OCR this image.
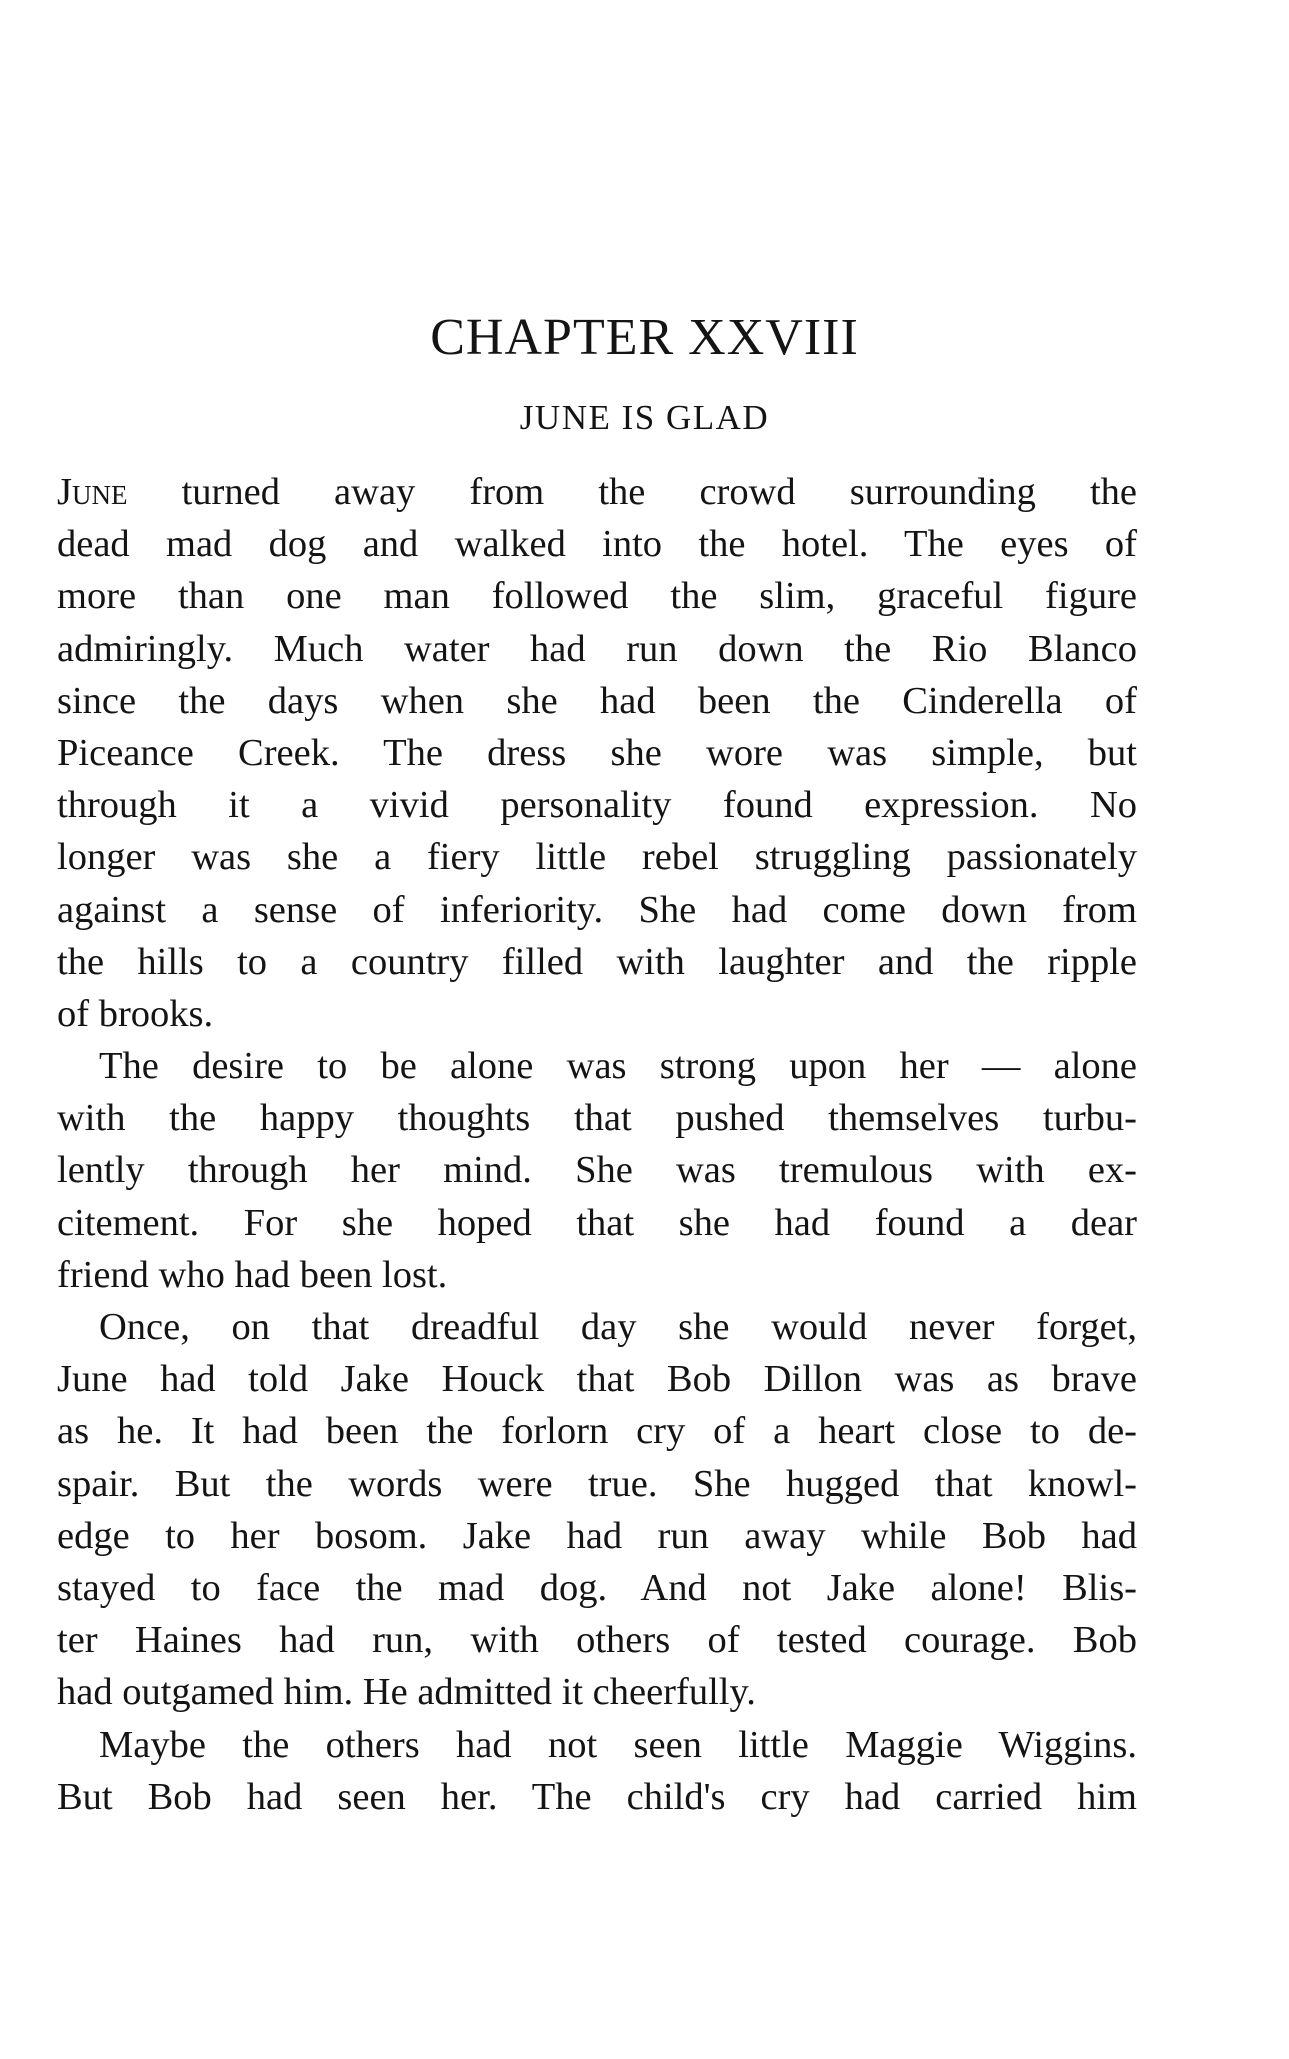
CHAPTER XXVIII
JUNE IS GLAD
June turned away from the crowd surrounding the
dead mad dog and walked into the hotel. The eyes of
more than one man followed the slim, graceful figure
admiringly. Much water had run down the Rio Blanco
since the days when she had been the Cinderella of
Piceance Creek. The dress she wore was simple, but
through it a vivid personality found expression. No
longer was she a fiery little rebel struggling passionately
against a sense of inferiority. She had come down from
the hills to a country filled with laughter and the ripple
of brooks.
The desire to be alone was strong upon her — alone
with the happy thoughts that pushed themselves turbu-
lently through her mind. She was tremulous with ex-
citement. For she hoped that she had found a dear
friend who had been lost.
Once, on that dreadful day she would never forget,
June had told Jake Houck that Bob Dillon was as brave
as he. It had been the forlorn cry of a heart close to de-
spair. But the words were true. She hugged that knowl-
edge to her bosom. Jake had run away while Bob had
stayed to face the mad dog. And not Jake alone! Blis-
ter Haines had run, with others of tested courage. Bob
had outgamed him. He admitted it cheerfully.
Maybe the others had not seen little Maggie Wiggins.
But Bob had seen her. The child's cry had carried him
